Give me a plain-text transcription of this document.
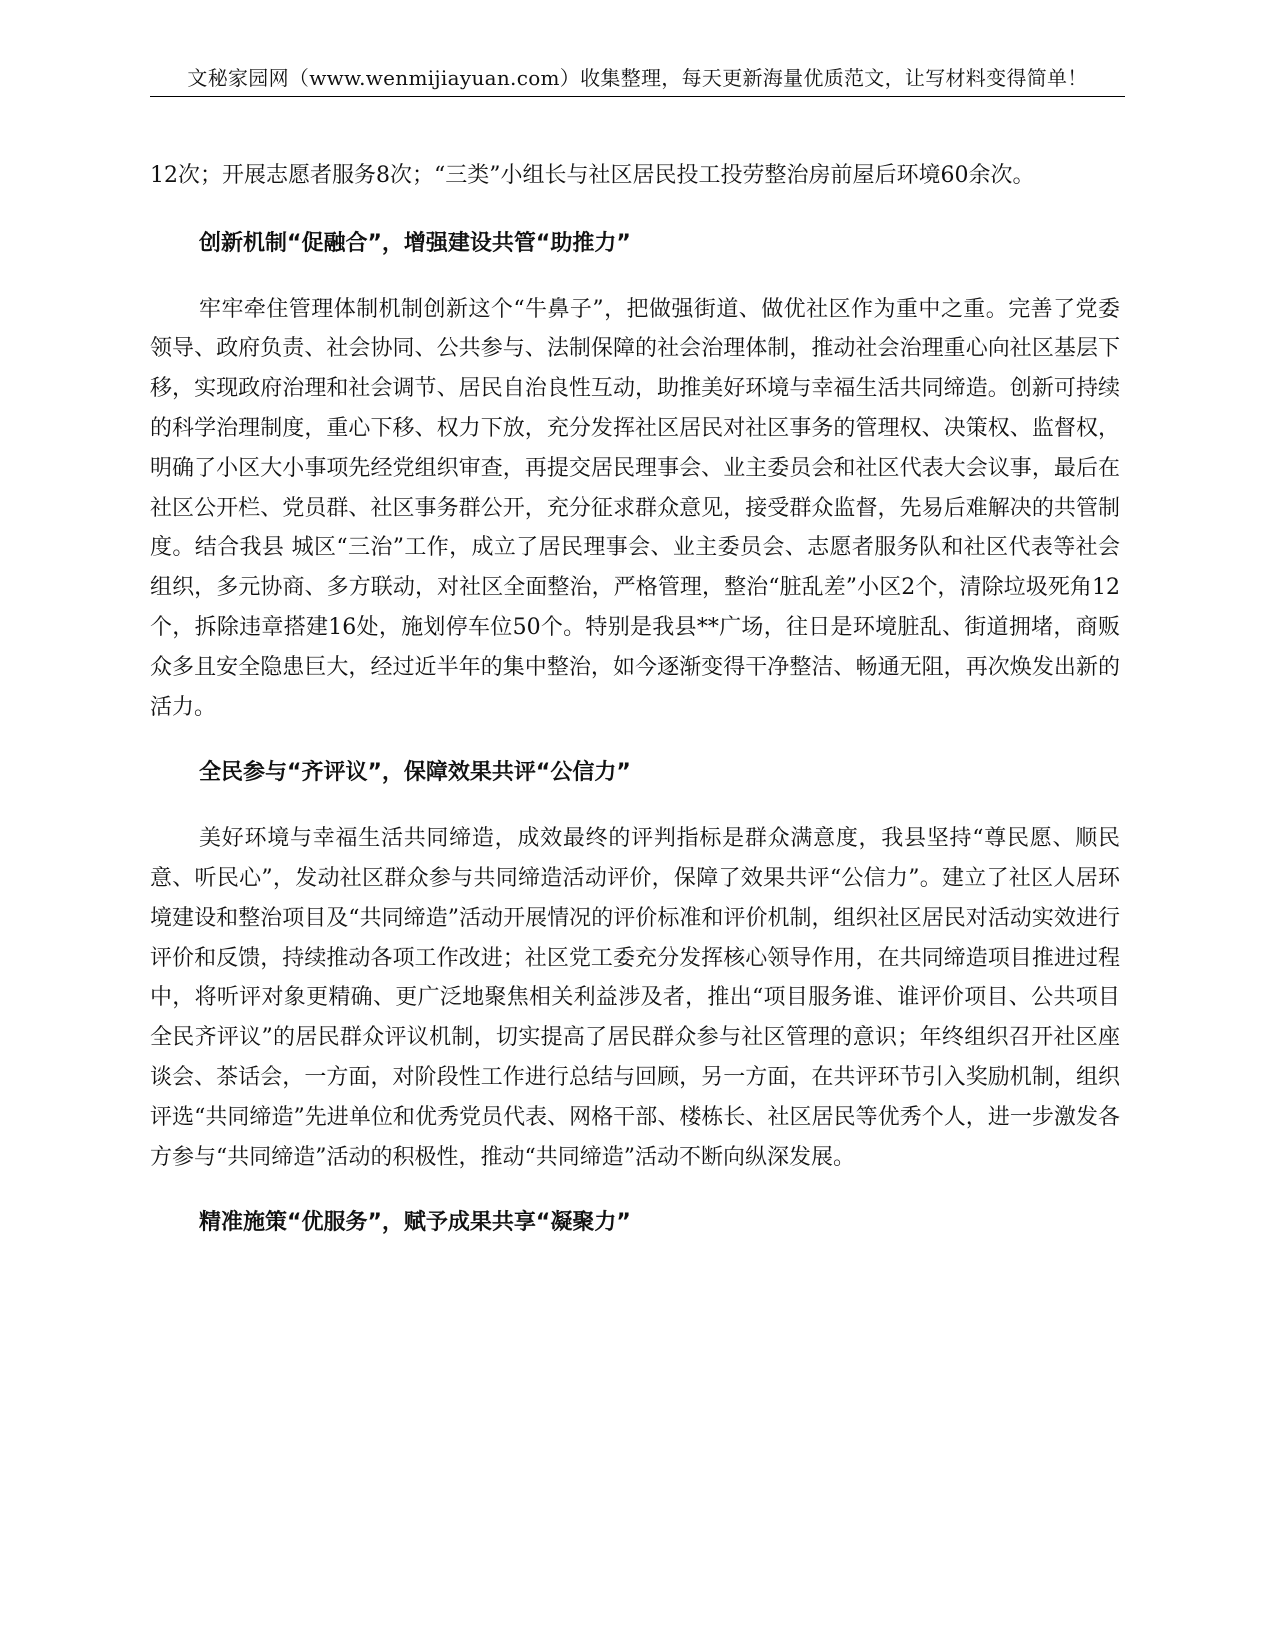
文秘家园网（www.wenmijiayuan.com）收集整理，每天更新海量优质范文，让写材料变得简单！

12次；开展志愿者服务8次；“三类”小组长与社区居民投工投劳整治房前屋后环境60余次。

创新机制“促融合”，增强建设共管“助推力”

牢牢牵住管理体制机制创新这个“牛鼻子”，把做强街道、做优社区作为重中之重。完善了党委领导、政府负责、社会协同、公共参与、法制保障的社会治理体制，推动社会治理重心向社区基层下移，实现政府治理和社会调节、居民自治良性互动，助推美好环境与幸福生活共同缔造。创新可持续的科学治理制度，重心下移、权力下放，充分发挥社区居民对社区事务的管理权、决策权、监督权，明确了小区大小事项先经党组织审查，再提交居民理事会、业主委员会和社区代表大会议事，最后在社区公开栏、党员群、社区事务群公开，充分征求群众意见，接受群众监督，先易后难解决的共管制度。结合我县 城区“三治”工作，成立了居民理事会、业主委员会、志愿者服务队和社区代表等社会组织，多元协商、多方联动，对社区全面整治，严格管理，整治“脏乱差”小区2个，清除垃圾死角12个，拆除违章搭建16处，施划停车位50个。特别是我县**广场，往日是环境脏乱、街道拥堵，商贩众多且安全隐患巨大，经过近半年的集中整治，如今逐渐变得干净整洁、畅通无阻，再次焕发出新的活力。

全民参与“齐评议”，保障效果共评“公信力”

美好环境与幸福生活共同缔造，成效最终的评判指标是群众满意度，我县坚持“尊民愿、顺民意、听民心”，发动社区群众参与共同缔造活动评价，保障了效果共评“公信力”。建立了社区人居环境建设和整治项目及“共同缔造”活动开展情况的评价标准和评价机制，组织社区居民对活动实效进行评价和反馈，持续推动各项工作改进；社区党工委充分发挥核心领导作用，在共同缔造项目推进过程中，将听评对象更精确、更广泛地聚焦相关利益涉及者，推出“项目服务谁、谁评价项目、公共项目全民齐评议”的居民群众评议机制，切实提高了居民群众参与社区管理的意识；年终组织召开社区座谈会、茶话会，一方面，对阶段性工作进行总结与回顾，另一方面，在共评环节引入奖励机制，组织评选“共同缔造”先进单位和优秀党员代表、网格干部、楼栋长、社区居民等优秀个人，进一步激发各方参与“共同缔造”活动的积极性，推动“共同缔造”活动不断向纵深发展。

精准施策“优服务”，赋予成果共享“凝聚力”
